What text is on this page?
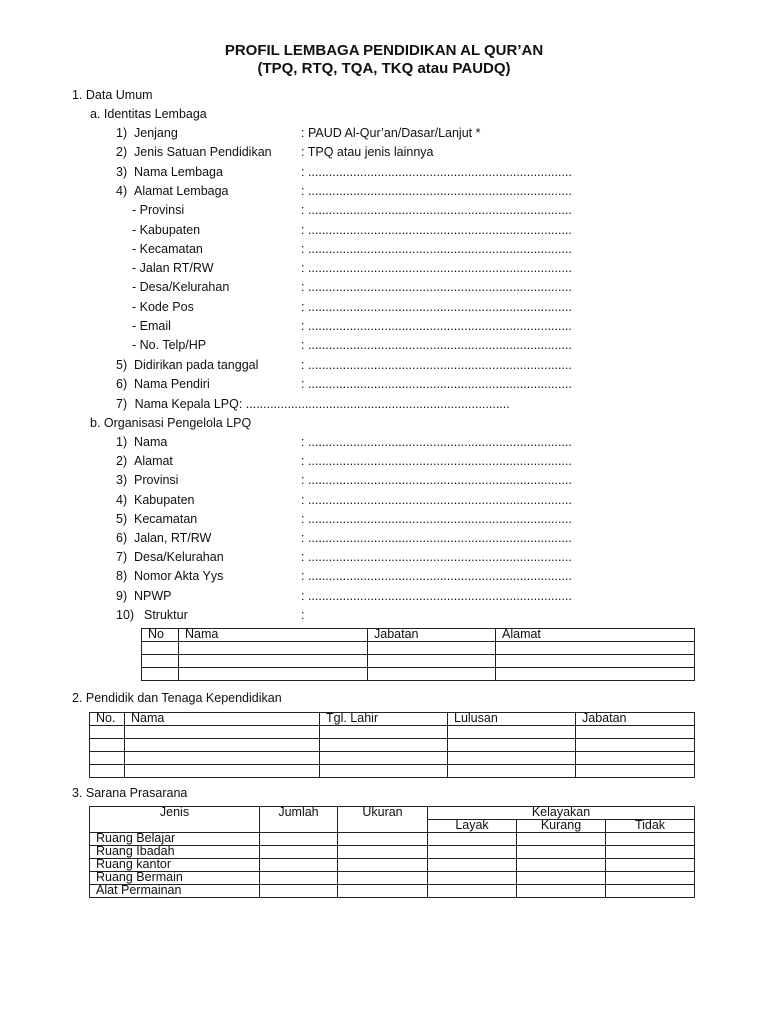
PROFIL LEMBAGA PENDIDIKAN AL QUR’AN
(TPQ, RTQ, TQA, TKQ atau PAUDQ)
1. Data Umum
a. Identitas Lembaga
1) Jenjang	: PAUD Al-Qur’an/Dasar/Lanjut *
2) Jenis Satuan Pendidikan : TPQ atau jenis lainnya
3) Nama Lembaga	: ............................................................................
4) Alamat Lembaga	: ............................................................................
- Provinsi	: ............................................................................
- Kabupaten	: ............................................................................
- Kecamatan	: ............................................................................
- Jalan RT/RW	: ............................................................................
- Desa/Kelurahan	: ............................................................................
- Kode Pos	: ............................................................................
- Email	: ............................................................................
- No. Telp/HP	: ............................................................................
5) Didirikan pada tanggal	: ............................................................................
6) Nama Pendiri	: ............................................................................
7) Nama Kepala LPQ: ............................................................................
b. Organisasi Pengelola LPQ
1) Nama	: ............................................................................
2) Alamat	: ............................................................................
3) Provinsi	: ............................................................................
4) Kabupaten	: ............................................................................
5) Kecamatan	: ............................................................................
6) Jalan, RT/RW	: ............................................................................
7) Desa/Kelurahan	: ............................................................................
8) Nomor Akta Yys	: ............................................................................
9) NPWP	: ............................................................................
10) Struktur	:
No	Nama	Jabatan	Alamat

2. Pendidik dan Tenaga Kependidikan
No.	Nama	Tgl. Lahir	Lulusan	Jabatan

3. Sarana Prasarana
Jenis	Jumlah	Ukuran	Kelayakan		
			Layak	Kurang	Tidak
Ruang Belajar					
Ruang Ibadah					
Ruang kantor					
Ruang Bermain					
Alat Permainan					
